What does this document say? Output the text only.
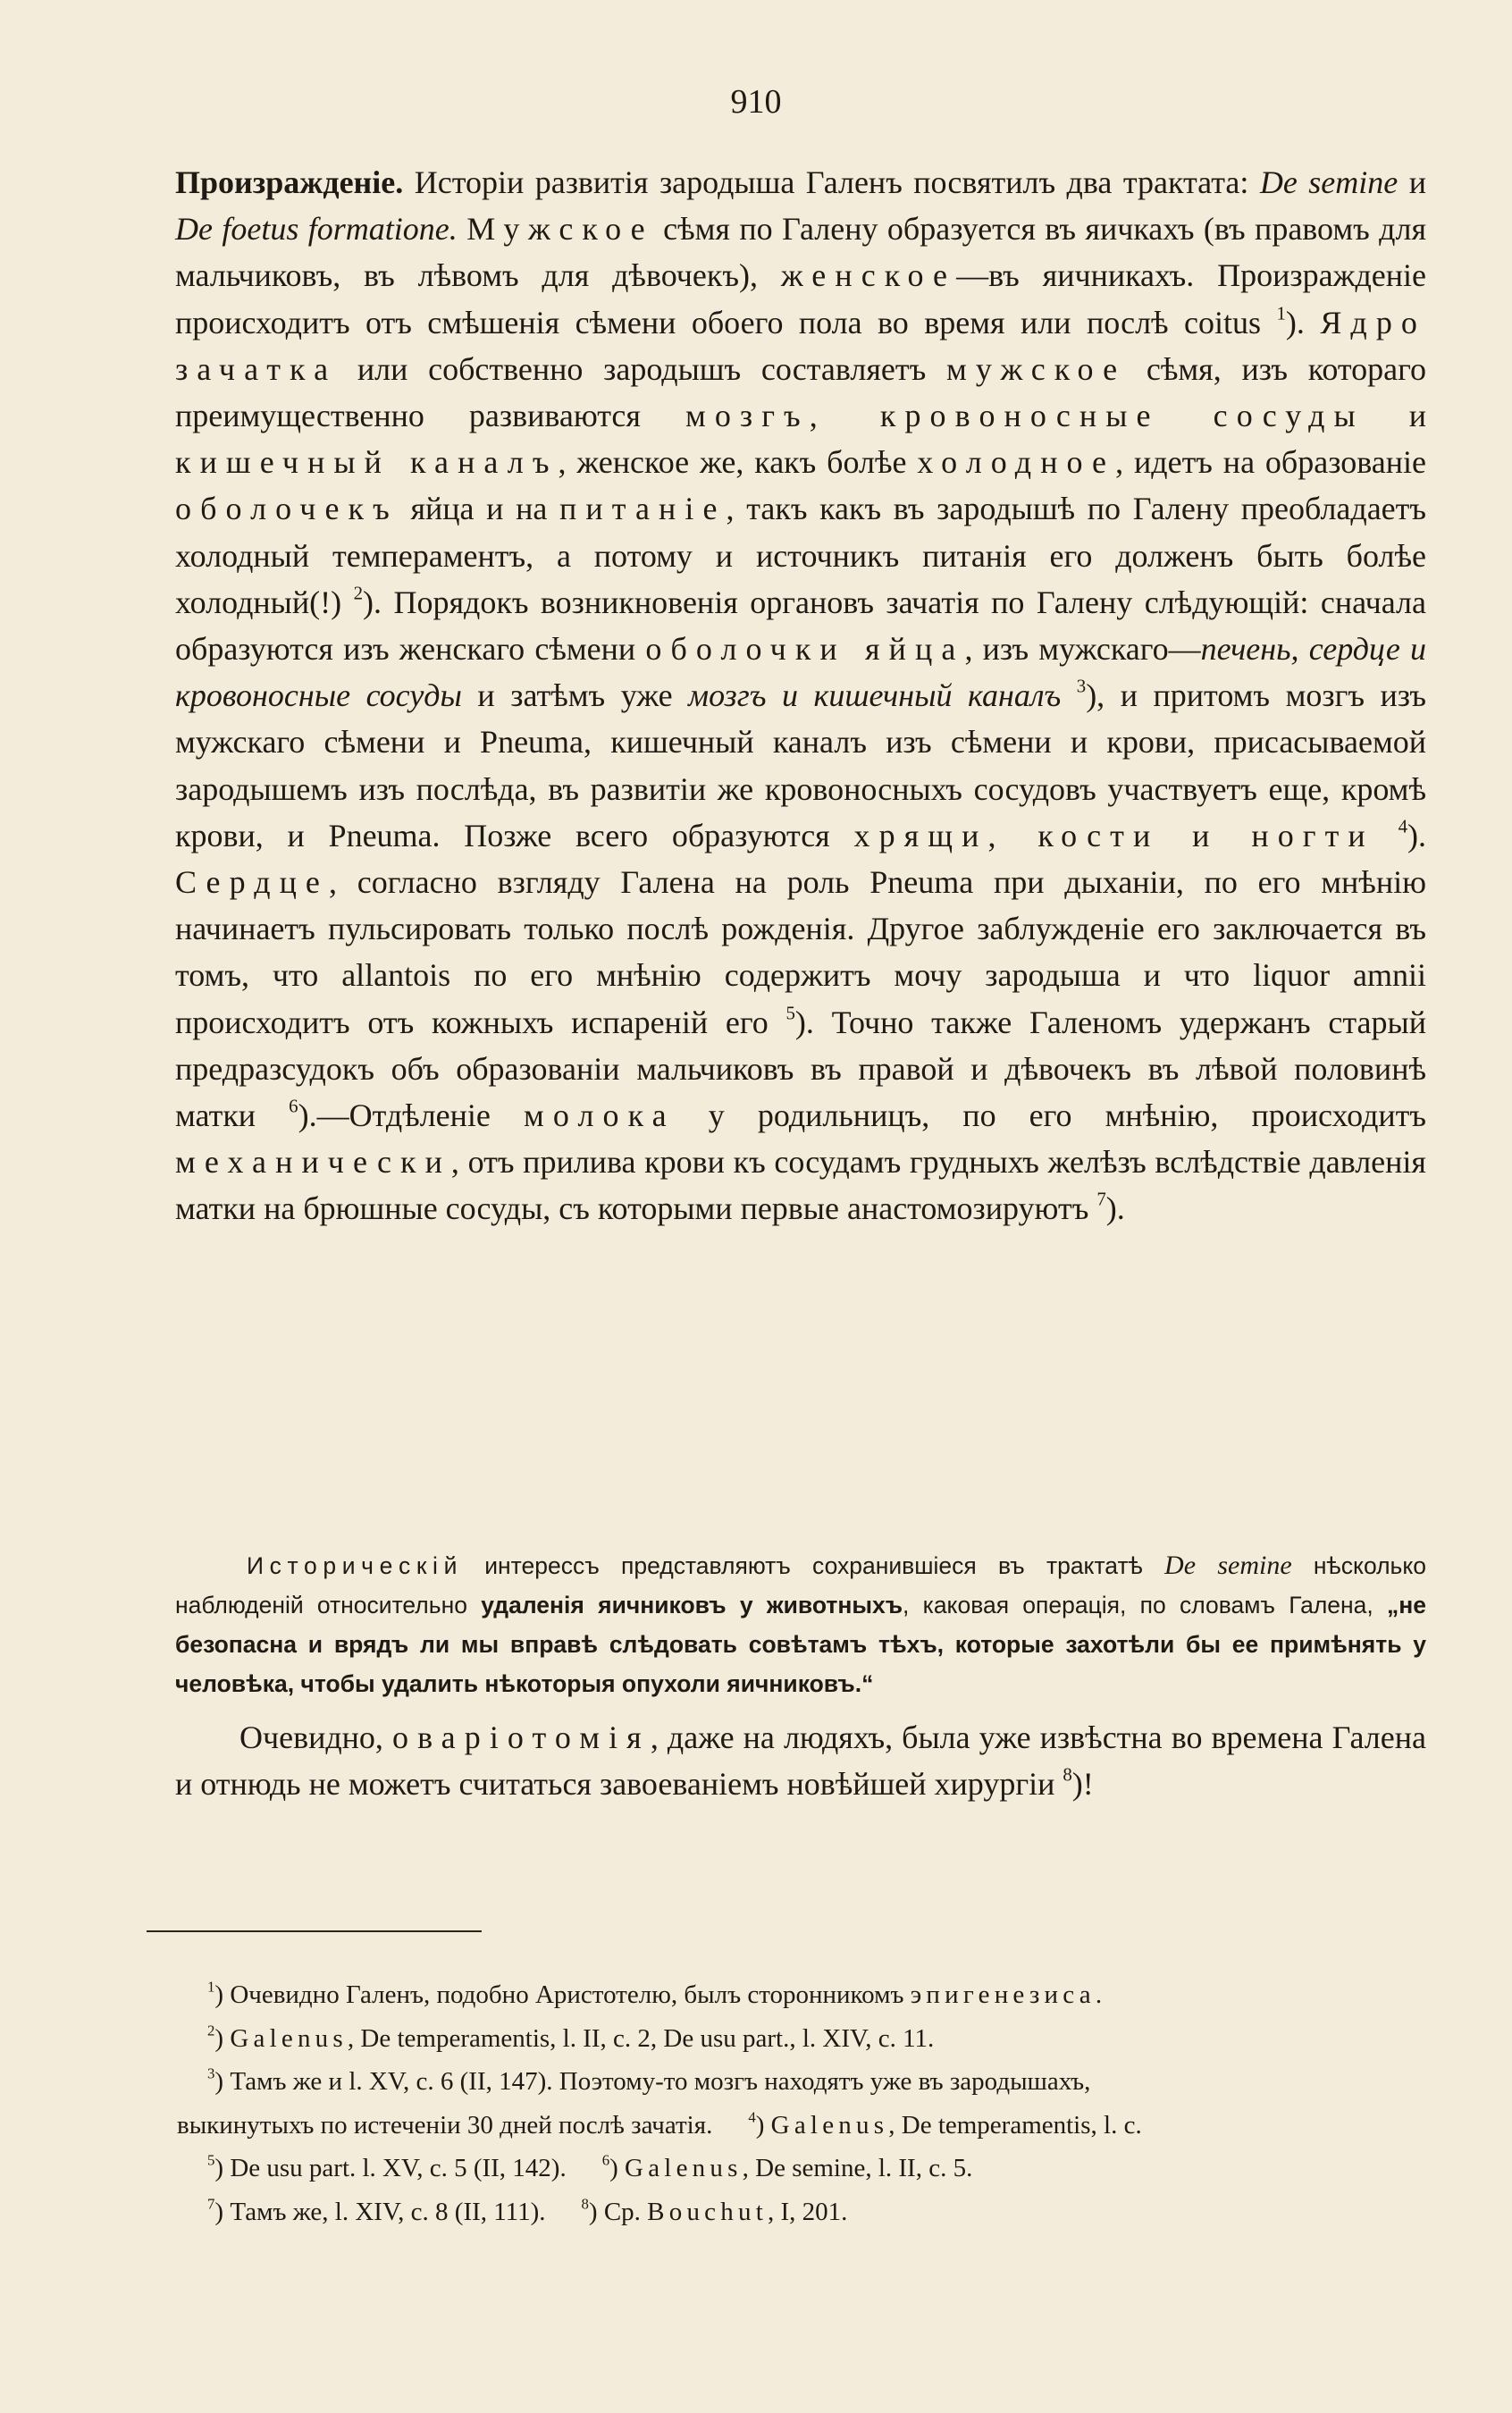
910

Произражденіе. Исторіи развитія зародыша Галенъ посвятилъ два трактата: De semine и De foetus formatione. Мужское сѣмя по Галену образуется въ яичкахъ (въ правомъ для мальчиковъ, въ лѣвомъ для дѣвочекъ), женское—въ яичникахъ. Произражденіе происходитъ отъ смѣшенія сѣмени обоего пола во время или послѣ coitus $^1$). Ядро зачатка или собственно зародышъ составляетъ мужское сѣмя, изъ котораго преимущественно развиваются мозгъ, кровоносные сосуды и кишечный каналъ, женское же, какъ болѣе холодное, идетъ на образованіе оболочекъ яйца и на питаніе, такъ какъ въ зародышѣ по Галену преобладаетъ холодный темпераментъ, а потому и источникъ питанія его долженъ быть болѣе холодный(!) $^2$). Порядокъ возникновенія органовъ зачатія по Галену слѣдующій: сначала образуются изъ женскаго сѣмени оболочки яйца, изъ мужскаго—печень, сердце и кровоносные сосуды и затѣмъ уже мозгъ и кишечный каналъ $^3$), и притомъ мозгъ изъ мужскаго сѣмени и Pneuma, кишечный каналъ изъ сѣмени и крови, присасываемой зародышемъ изъ послѣда, въ развитіи же кровоносныхъ сосудовъ участвуетъ еще, кромѣ крови, и Pneuma. Позже всего образуются хрящи, кости и ногти $^4$). Сердце, согласно взгляду Галена на роль Pneuma при дыханіи, по его мнѣнію начинаетъ пульсировать только послѣ рожденія. Другое заблужденіе его заключается въ томъ, что allantois по его мнѣнію содержитъ мочу зародыша и что liquor amnii происходитъ отъ кожныхъ испареній его $^5$). Точно также Галеномъ удержанъ старый предразсудокъ объ образованіи мальчиковъ въ правой и дѣвочекъ въ лѣвой половинѣ матки $^6$).—Отдѣленіе молока у родильницъ, по его мнѣнію, происходитъ механически, отъ прилива крови къ сосудамъ грудныхъ желѣзъ вслѣдствіе давленія матки на брюшные сосуды, съ которыми первые анастомозируютъ $^7$).

Историческій интерессъ представляютъ сохранившіеся въ трактатѣ De semine нѣсколько наблюденій относительно удаленія яичниковъ у животныхъ, каковая операція, по словамъ Галена, „не безопасна и врядъ ли мы вправѣ слѣдовать совѣтамъ тѣхъ, которые захотѣли бы ее примѣнять у человѣка, чтобы удалить нѣкоторыя опухоли яичниковъ.“
Очевидно, оваріотомія, даже на людяхъ, была уже извѣстна во времена Галена и отнюдь не можетъ считаться завоеваніемъ новѣйшей хирургіи $^8$)!
$^1$) Очевидно Галенъ, подобно Аристотелю, былъ сторонникомъ эпигенезиса.
$^2$) Galenus, De temperamentis, l. II, c. 2, De usu part., l. XIV, c. 11.
$^3$) Тамъ же и l. XV, c. 6 (II, 147). Поэтому-то мозгъ находятъ уже въ зародышахъ,
выкинутыхъ по истеченіи 30 дней послѣ зачатія. $^4$) Galenus, De temperamentis, l. c.
$^5$) De usu part. l. XV, c. 5 (II, 142). $^6$) Galenus, De semine, l. II, c. 5.
$^7$) Тамъ же, l. XIV, c. 8 (II, 111). $^8$) Ср. Bouchut, I, 201.
